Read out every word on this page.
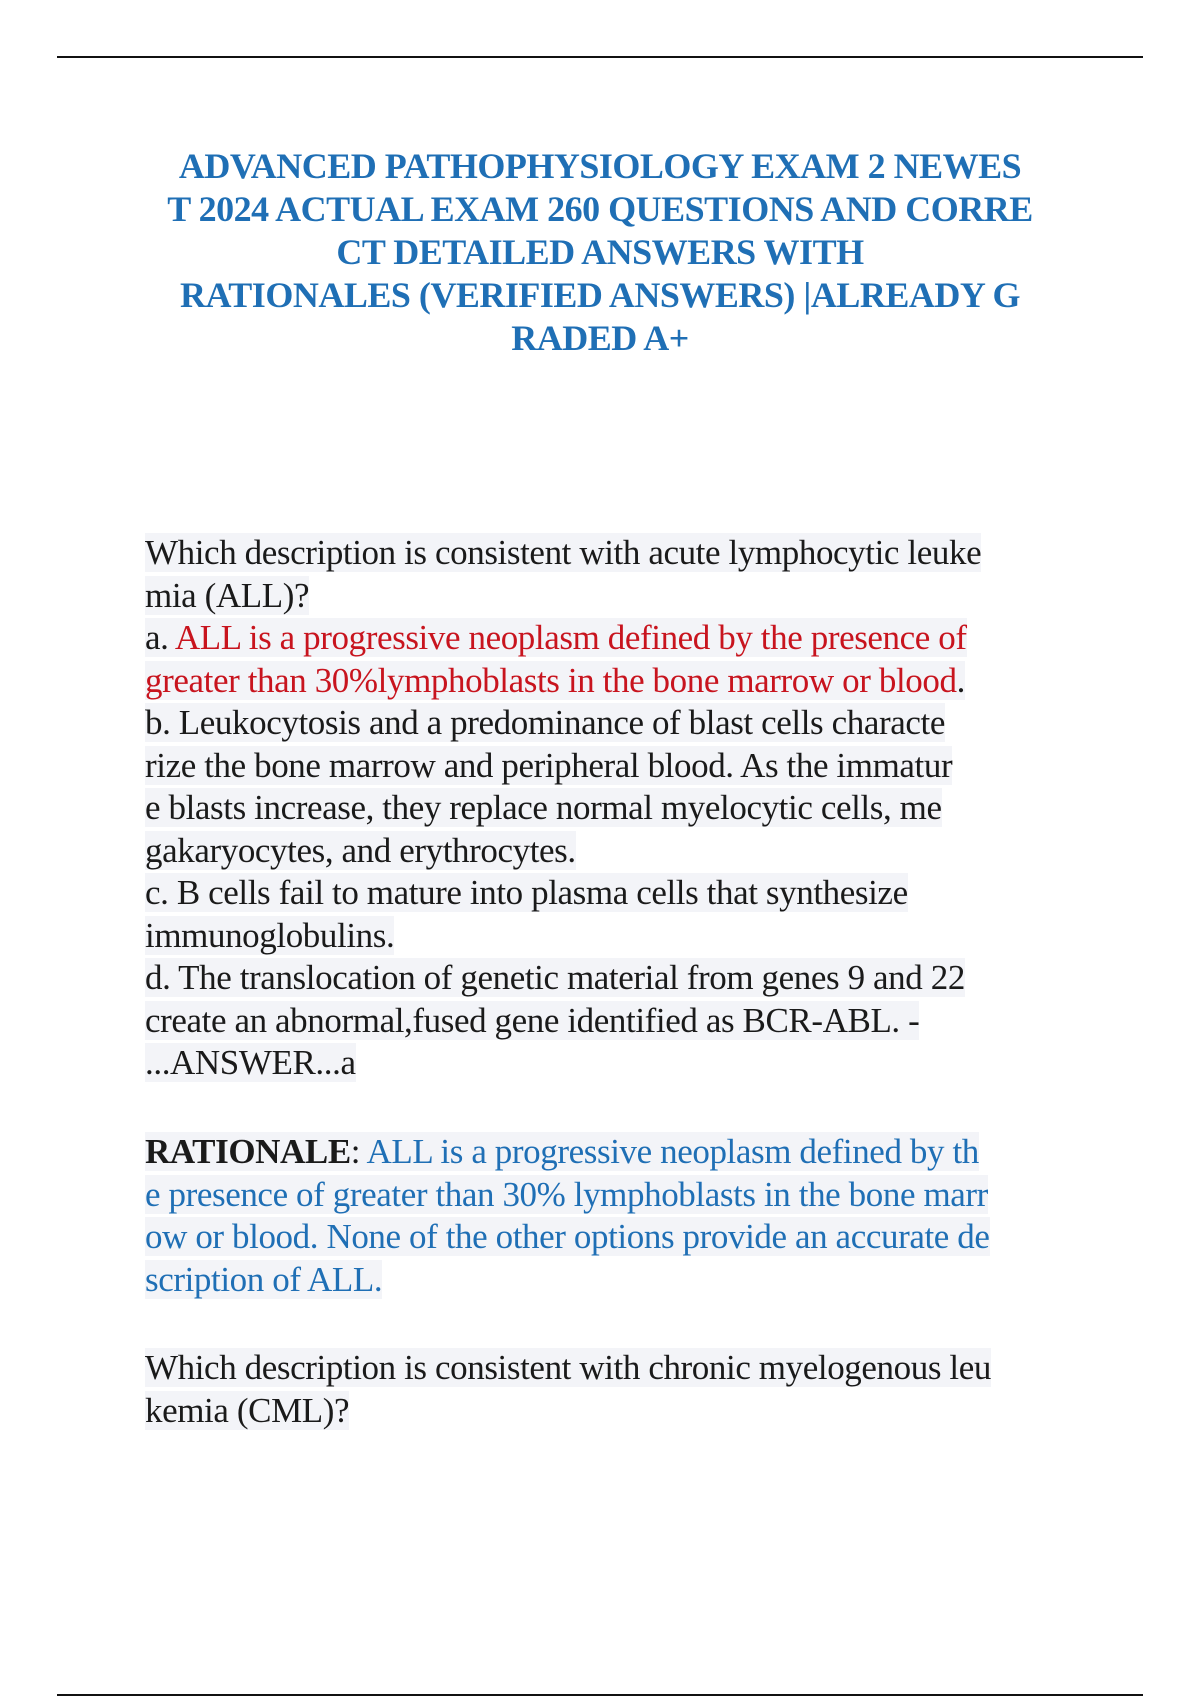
ADVANCED PATHOPHYSIOLOGY EXAM 2 NEWES
T 2024 ACTUAL EXAM 260 QUESTIONS AND CORRE
CT DETAILED ANSWERS WITH
RATIONALES (VERIFIED ANSWERS) |ALREADY G
RADED A+
Which description is consistent with acute lymphocytic leuke
mia (ALL)?
a. ALL is a progressive neoplasm defined by the presence of
greater than 30%lymphoblasts in the bone marrow or blood.
b. Leukocytosis and a predominance of blast cells characte
rize the bone marrow and peripheral blood. As the immatur
e blasts increase, they replace normal myelocytic cells, me
gakaryocytes, and erythrocytes.
c. B cells fail to mature into plasma cells that synthesize
immunoglobulins.
d. The translocation of genetic material from genes 9 and 22
create an abnormal,fused gene identified as BCR-ABL. -
...ANSWER...a
RATIONALE: ALL is a progressive neoplasm defined by th
e presence of greater than 30% lymphoblasts in the bone marr
ow or blood. None of the other options provide an accurate de
scription of ALL.
Which description is consistent with chronic myelogenous leu
kemia (CML)?
